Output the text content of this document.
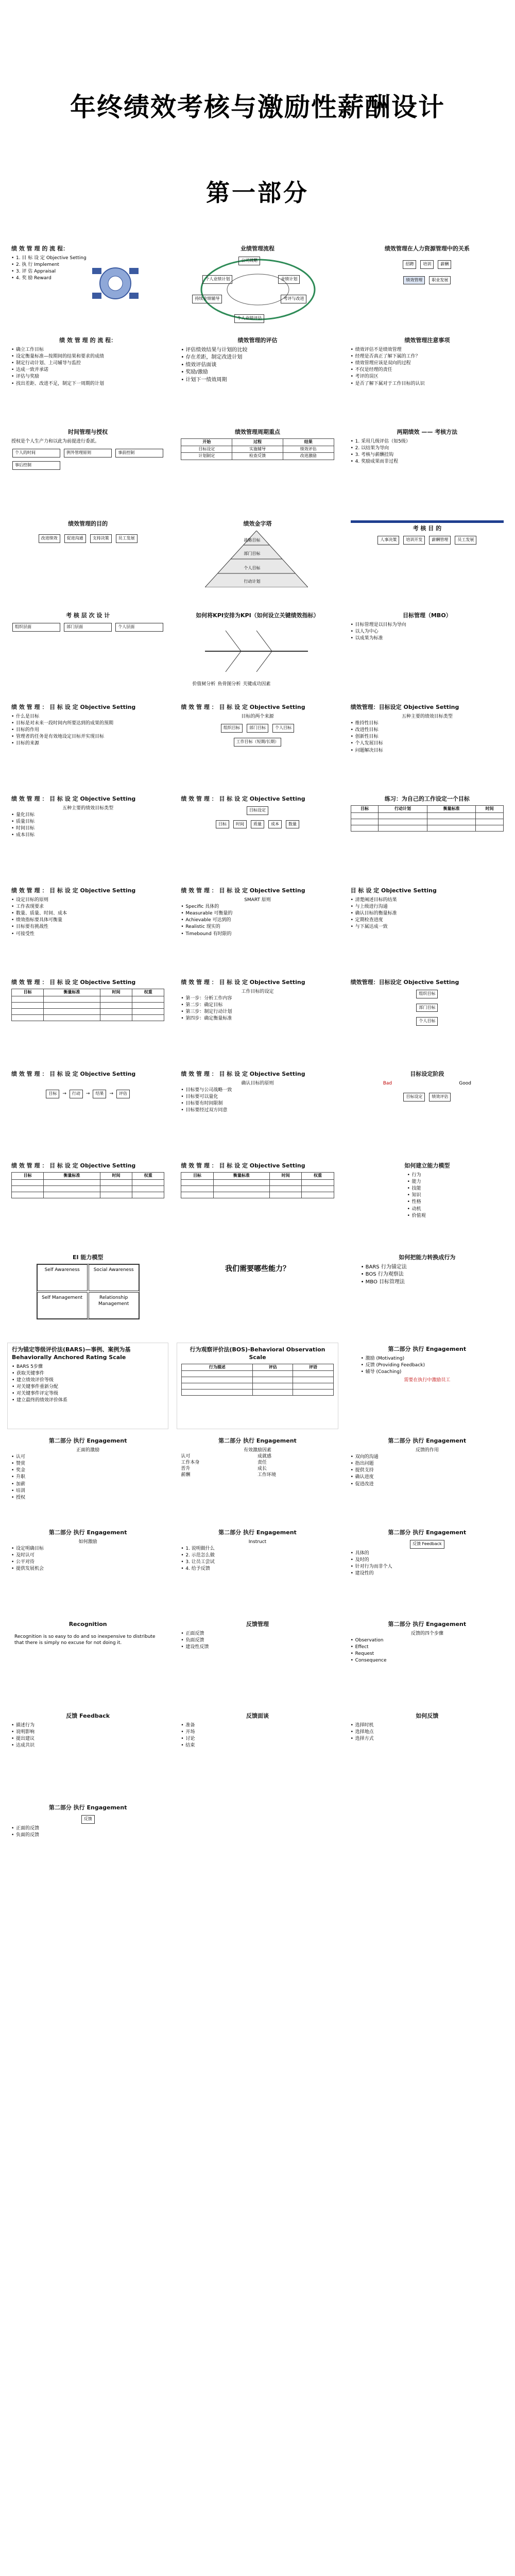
年终绩效考核与激励性薪酬设计
第一部分
绩 效 管 理 的 流 程：
• 1. 目 标 设 定 Objective Setting
• 2. 执 行 Implement
• 3. 评 估 Appraisal
• 4. 奖 励 Reward
业绩管理流程
公司战略
个人业绩计划	业绩计划
持续业绩辅导	考评与改进
个人业绩评估
绩效管理在人力资源管理中的关系
招聘	培训	薪酬
绩效管理	职业发展
绩 效 管 理 的 流 程：
• 确立工作目标
• 设定衡量标准—按期间的结果和要求的成绩
• 制定行动计划、上司辅导与监控
• 达成一致并承诺
• 评估与奖励
• 找出差距、改进不足，制定下一周期的计划
绩效管理的评估
• 评估绩效结果与计划的比较
• 存在差距，制定改进计划
• 绩效评估面谈
• 奖励/激励
• 计划下一绩效周期
绩效管理注意事项
• 绩效评估不是绩效管理
• 经理是否真正了解下属的工作？
• 绩效管理应该是双向的过程
• 不仅是经理的责任
• 考评的误区
• 是否了解下属对于工作目标的认识
时间管理与授权
授权是个人生产力和以此为前提进行委派。
个人的时间	例外管理原则	事前控制
事后控制
绩效管理周期重点
开始	过程	结果
目标设定	实施辅导	绩效评估
计划制定	检查反馈	改进激励
两期绩效 —— 考核方法
• 1. 采用几级评估（如5级）
• 2. 以结果为导向
• 3. 考核与薪酬挂钩
• 4. 奖励成果而非过程
绩效管理的目的
改进绩效	促进沟通	支持决策	员工发展
绩效金字塔
战略目标
部门目标
个人目标
行动计划
考 核 目 的
人事决策	培训开发	薪酬管理	员工发展
考 核 层 次 设 计
组织层面	部门层面	个人层面
如何将KPI安排为KPI（如何设立关键绩效指标）
价值树分析 鱼骨图分析 关键成功因素
目标管理（MBO）
• 目标管理是以目标为导向
• 以人为中心
• 以成果为标准
绩 效 管 理 ： 目 标 设 定 Objective Setting
• 什么是目标
• 目标是对未来一段时间内所要达到的成果的预期
• 目标的作用
• 管理者的任务是有效地设定目标并实现目标
• 目标的来源
绩 效 管 理 ： 目 标 设 定 Objective Setting
目标的两个来源
组织目标	部门目标	个人目标
工作目标（短期/长期）
绩效管理：目标设定 Objective Setting
五种主要的绩效目标类型
• 维持性目标
• 改进性目标
• 创新性目标
• 个人发展目标
• 问题解决目标
绩 效 管 理 ： 目 标 设 定 Objective Setting
五种主要的绩效目标类型
• 量化目标
• 质量目标
• 时间目标
• 成本目标
绩 效 管 理 ： 目 标 设 定 Objective Setting
目标设定
目标	时间	质量	成本	数量
练习：为自己的工作设定一个目标
目标	行动计划	衡量标准	时间

绩 效 管 理 ： 目 标 设 定 Objective Setting
• 设定目标的原则
• 工作表现要求
• 数量、质量、时间、成本
• 绩效指标要具体可衡量
• 目标要有挑战性
• 可接受性
绩 效 管 理 ： 目 标 设 定 Objective Setting
SMART 原则
• Specific 具体的
• Measurable 可衡量的
• Achievable 可达到的
• Realistic 现实的
• Timebound 有时限的
目 标 设 定 Objective Setting
• 清楚阐述目标的结果
• 与上级进行沟通
• 确认目标的衡量标准
• 定期检查进度
• 与下属达成一致
绩 效 管 理 ： 目 标 设 定 Objective Setting
目标	衡量标准	时间	权重

绩 效 管 理 ： 目 标 设 定 Objective Setting
工作目标的设定
• 第一步：分析工作内容
• 第二步：确定目标
• 第三步：制定行动计划
• 第四步：确定衡量标准
绩效管理：目标设定 Objective Setting
组织目标
部门目标
个人目标
绩 效 管 理 ： 目 标 设 定 Objective Setting
目标	→	行动	→	结果	→	评估
绩 效 管 理 ： 目 标 设 定 Objective Setting
确认目标的原则
• 目标要与公司战略一致
• 目标要可以量化
• 目标要有时间限制
• 目标要经过双方同意
目标设定阶段
Bad	Good
目标设定	绩效评估
绩 效 管 理 ： 目 标 设 定 Objective Setting
目标	衡量标准	时间	权重

绩 效 管 理 ： 目 标 设 定 Objective Setting
目标	衡量标准	时间	权重

如何建立能力模型
• 行为
• 能力
• 技能
• 知识
• 性格
• 动机
• 价值观
EI 能力模型
Self Awareness	Social Awareness
Self Management	Relationship Management
我们需要哪些能力？
如何把能力转换成行为
• BARS 行为锚定法
• BOS 行为观察法
• MBO 目标管理法
行为锚定等级评价法(BARS)—事例、案例为基 Behaviorally Anchored Rating Scale
• BARS 5步骤
• 获取关键事件
• 建立绩效评价等级
• 对关键事件重新分配
• 对关键事件评定等级
• 建立最终的绩效评价体系
行为观察评价法(BOS)-Behavioral Observation Scale
行为描述	评估	评语

第二部分 执行 Engagement
• 激励 (Motivating)
• 反馈 (Providing Feedback)
• 辅导 (Coaching)
需要在执行中激励员工
第二部分 执行 Engagement
正面的激励
• 认可
• 赞赏
• 奖金
• 升职
• 加薪
• 培训
• 授权
第二部分 执行 Engagement
有效激励因素
认可	成就感
工作本身	责任
晋升	成长
薪酬	工作环境
第二部分 执行 Engagement
反馈的作用
• 双向的沟通
• 指出问题
• 提供支持
• 确认进度
• 促进改进
第二部分 执行 Engagement
如何激励
• 设定明确目标
• 及时认可
• 公平对待
• 提供发展机会
第二部分 执行 Engagement
Instruct
• 1. 说明做什么
• 2. 示范怎么做
• 3. 让员工尝试
• 4. 给予反馈
第二部分 执行 Engagement
反馈 Feedback
• 具体的
• 及时的
• 针对行为而非个人
• 建设性的
Recognition
Recognition is so easy to do and so inexpensive to distribute that there is simply no excuse for not doing it.
反馈管理
• 正面反馈
• 负面反馈
• 建设性反馈
第二部分 执行 Engagement
反馈的四个步骤
• Observation
• Effect
• Request
• Consequence
反馈 Feedback
• 描述行为
• 说明影响
• 提出建议
• 达成共识
反馈面谈
• 准备
• 开场
• 讨论
• 结束
如何反馈
• 选择时机
• 选择地点
• 选择方式
第二部分 执行 Engagement
反馈
• 正面的反馈
• 负面的反馈
